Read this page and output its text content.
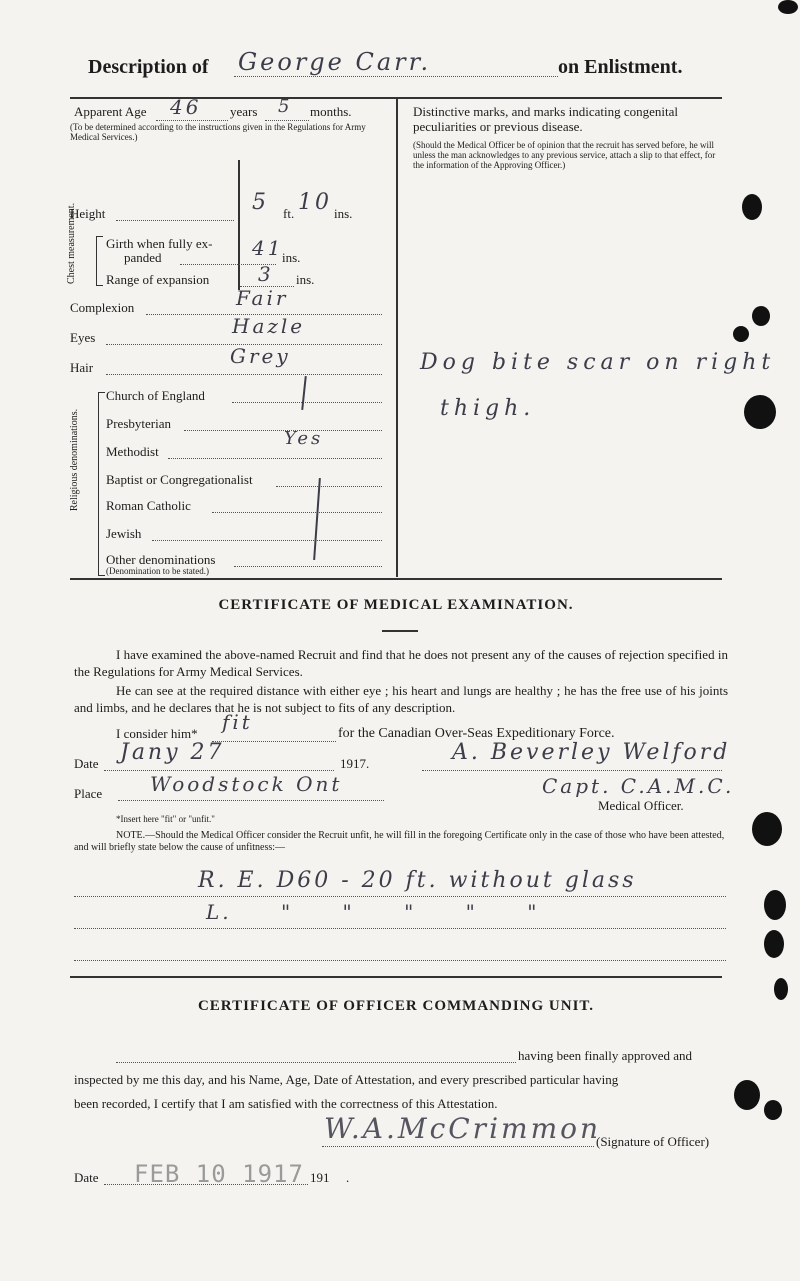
Description of George Carr.	on Enlistment.
Apparent Age 46 years 5 months.
(To be determined according to the instructions given in the Regulations for Army Medical Services.)
Height	5 ft. 10 ins.
Chest measurement. Girth when fully ex-
panded	41
ins.
Range of expansion 3 ins.
Complexion	Fair
Eyes	Hazle
Hair	Grey
Religious denominations.
Church of England
Presbyterian
Methodist
Yes
Baptist or Congregationalist
Roman Catholic
Jewish
Other denominations
(Denomination to be stated.)
Distinctive marks, and marks indicating congenital
peculiarities or previous disease.
(Should the Medical Officer be of opinion that the recruit has served before, he will unless the man acknowledges to any previous service, attach a slip to that effect, for the information of the Approving Officer.)
Dog bite scar on right
thigh.
CERTIFICATE OF MEDICAL EXAMINATION.
I have examined the above-named Recruit and find that he does not present any of the causes of rejection specified in the Regulations for Army Medical Services.
He can see at the required distance with either eye ; his heart and lungs are healthy ; he has the free use of his joints and limbs, and he declares that he is not subject to fits of any description.
I consider him* fit	for the Canadian Over-Seas Expeditionary Force.
Date Jany 27	1917.
Place Woodstock Ont
A. Beverley Welford
Capt. C.A.M.C.
Medical Officer.
*Insert here "fit" or "unfit."
NOTE.—Should the Medical Officer consider the Recruit unfit, he will fill in the foregoing Certificate only in the case of those who have been attested, and will briefly state below the cause of unfitness:—
R. E. D60 - 20 ft. without glass
L. " " " " "
CERTIFICATE OF OFFICER COMMANDING UNIT.
having been finally approved and
inspected by me this day, and his Name, Age, Date of Attestation, and every prescribed particular having
been recorded, I certify that I am satisfied with the correctness of this Attestation.
W.A.McCrimmon
(Signature of Officer)
Date FEB 10 1917 191 .
